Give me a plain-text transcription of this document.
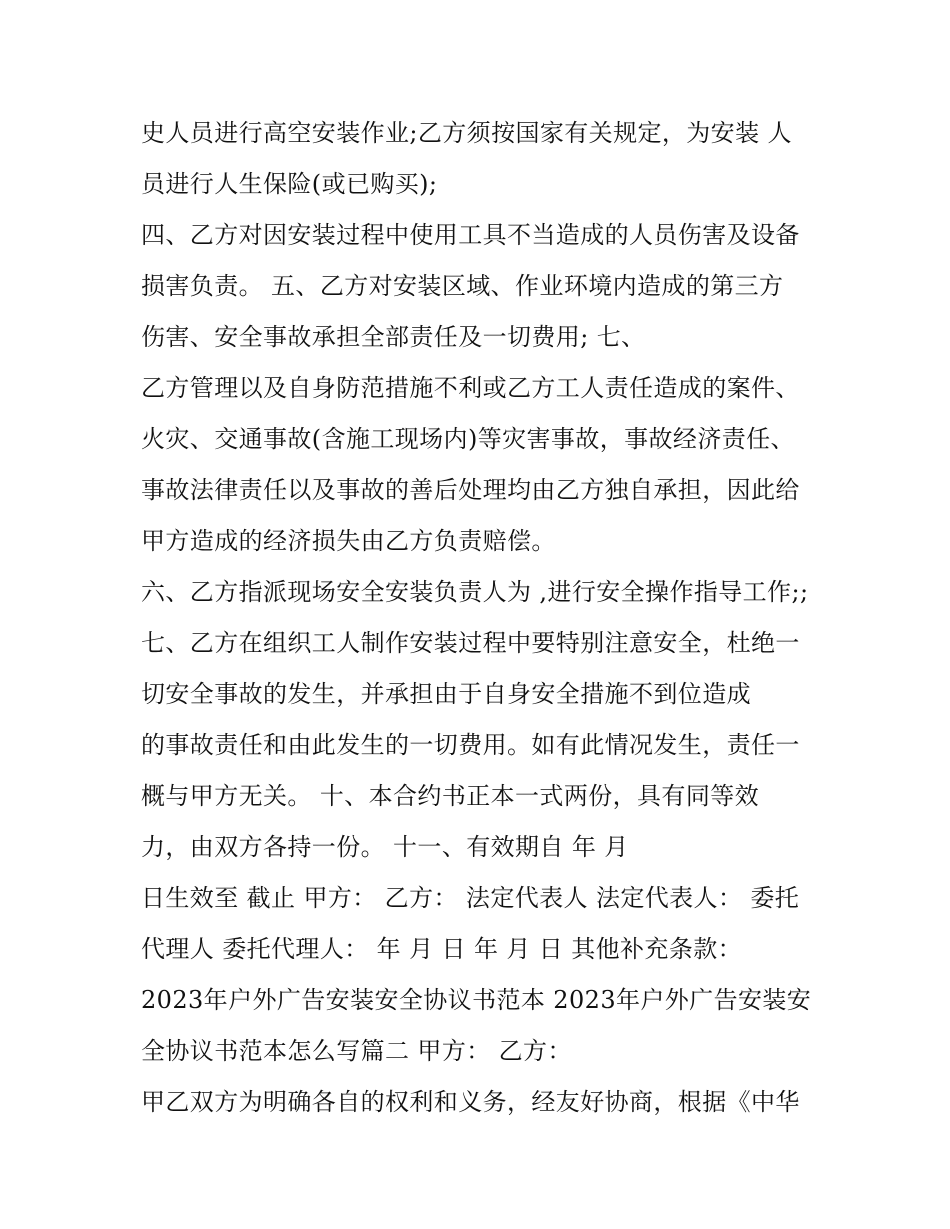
史人员进行高空安装作业;乙方须按国家有关规定，为安装 人
员进行人生保险(或已购买);
四、乙方对因安装过程中使用工具不当造成的人员伤害及设备
损害负责。 五、乙方对安装区域、作业环境内造成的第三方
伤害、安全事故承担全部责任及一切费用; 七、
乙方管理以及自身防范措施不利或乙方工人责任造成的案件、
火灾、交通事故(含施工现场内)等灾害事故，事故经济责任、
事故法律责任以及事故的善后处理均由乙方独自承担，因此给
甲方造成的经济损失由乙方负责赔偿。
六、乙方指派现场安全安装负责人为 ,进行安全操作指导工作;;
七、乙方在组织工人制作安装过程中要特别注意安全，杜绝一
切安全事故的发生，并承担由于自身安全措施不到位造成
的事故责任和由此发生的一切费用。如有此情况发生，责任一
概与甲方无关。 十、本合约书正本一式两份，具有同等效
力，由双方各持一份。 十一、有效期自 年 月
日生效至 截止 甲方： 乙方： 法定代表人 法定代表人： 委托
代理人 委托代理人： 年 月 日 年 月 日 其他补充条款：
2023年户外广告安装安全协议书范本 2023年户外广告安装安
全协议书范本怎么写篇二 甲方： 乙方：
甲乙双方为明确各自的权利和义务，经友好协商，根据《中华
